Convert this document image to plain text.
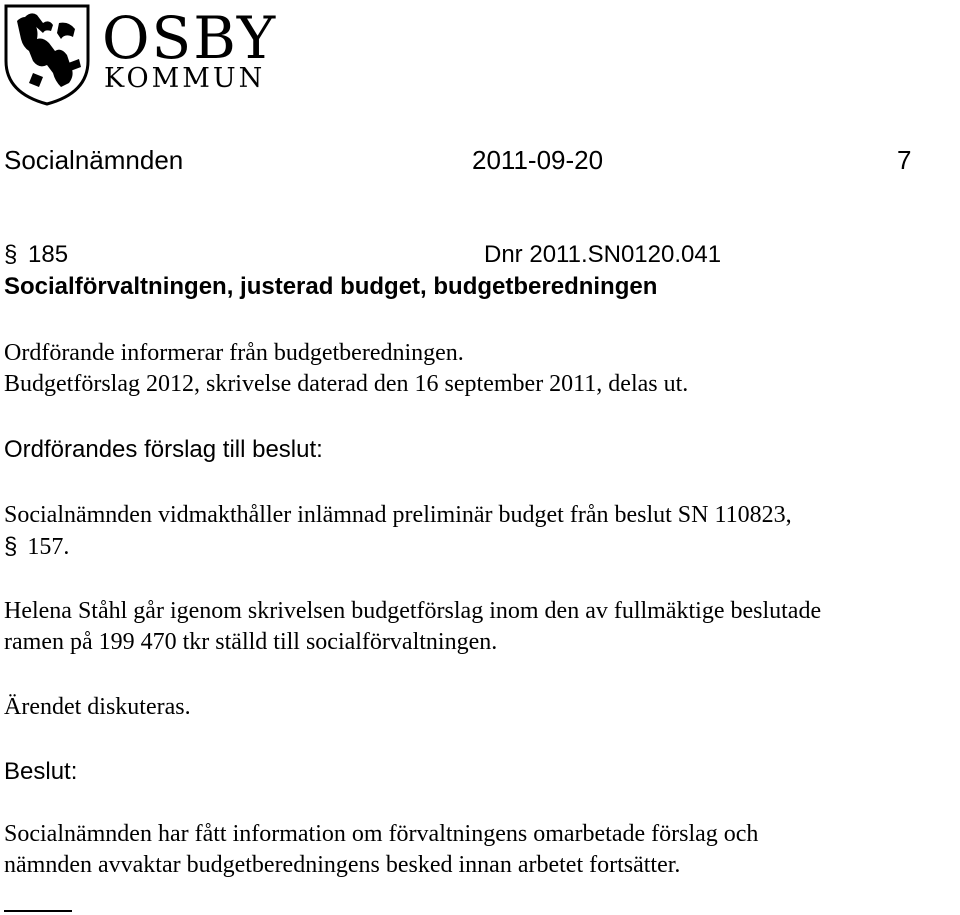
OSBY
KOMMUN
Socialnämnden	2011-09-20	7
§ 185	Dnr 2011.SN0120.041
Socialförvaltningen, justerad budget, budgetberedningen
Ordförande informerar från budgetberedningen.
Budgetförslag 2012, skrivelse daterad den 16 september 2011, delas ut.
Ordförandes förslag till beslut:
Socialnämnden vidmakthåller inlämnad preliminär budget från beslut SN 110823,
§ 157.
Helena Ståhl går igenom skrivelsen budgetförslag inom den av fullmäktige beslutade
ramen på 199 470 tkr ställd till socialförvaltningen.
Ärendet diskuteras.
Beslut:
Socialnämnden har fått information om förvaltningens omarbetade förslag och
nämnden avvaktar budgetberedningens besked innan arbetet fortsätter.
